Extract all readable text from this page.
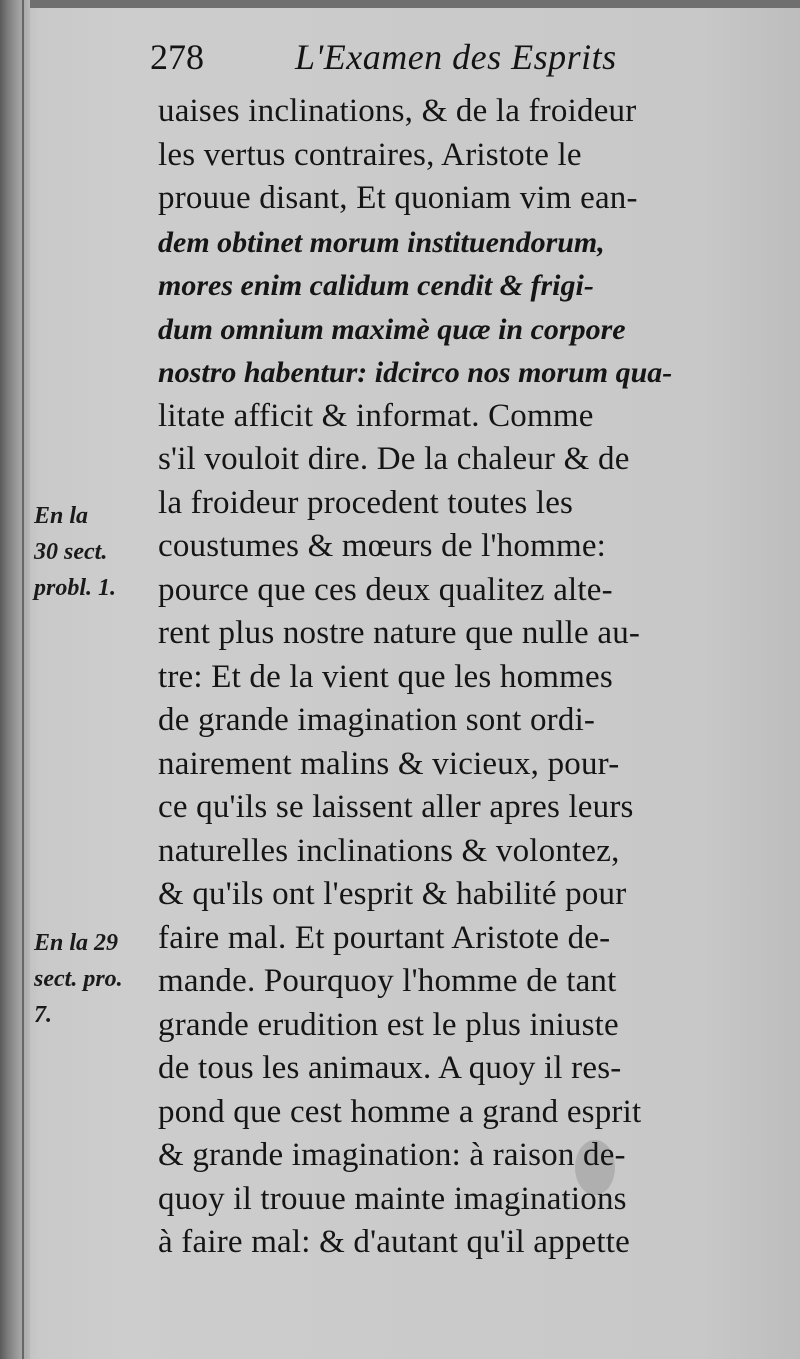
278	L'Examen des Esprits
uaises inclinations, & de la froideur
les vertus contraires, Aristote le
prouue disant, Et quoniam vim ean-
dem obtinet morum instituendorum,
mores enim calidum cendit & frigi-
dum omnium maximè quæ in corpore
nostro habentur: idcirco nos morum qua-
litate afficit & informat. Comme
s'il vouloit dire. De la chaleur & de
la froideur procedent toutes les
coustumes & mœurs de l'homme:
pource que ces deux qualitez alte-
rent plus nostre nature que nulle au-
tre: Et de la vient que les hommes
de grande imagination sont ordi-
nairement malins & vicieux, pour-
ce qu'ils se laissent aller apres leurs
naturelles inclinations & volontez,
& qu'ils ont l'esprit & habilité pour
faire mal. Et pourtant Aristote de-
mande. Pourquoy l'homme de tant
grande erudition est le plus iniuste
de tous les animaux. A quoy il res-
pond que cest homme a grand esprit
& grande imagination: à raison de-
quoy il trouue mainte imaginations
à faire mal: & d'autant qu'il appette
En la
30 sect.
probl. 1.
En la 29
sect. pro.
7.
